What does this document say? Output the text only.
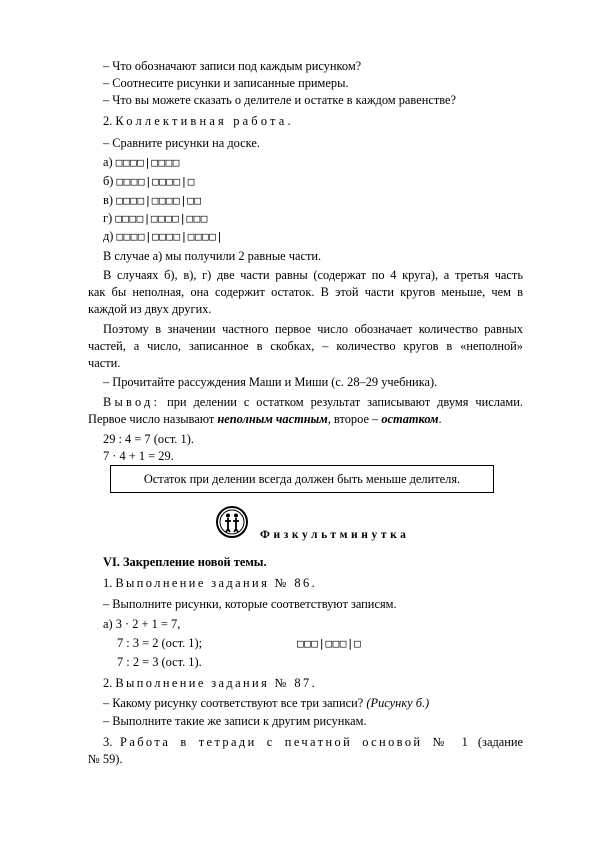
– Что обозначают записи под каждым рисунком?
– Соотнесите рисунки и записанные примеры.
– Что вы можете сказать о делителе и остатке в каждом равенстве?
2. Коллективная работа.
– Сравните рисунки на доске.
а) □□□□|□□□□
б) □□□□|□□□□|□
в) □□□□|□□□□|□□
г) □□□□|□□□□|□□□
д) □□□□|□□□□|□□□□|
В случае а) мы получили 2 равные части.
В случаях б), в), г) две части равны (содержат по 4 круга), а третья часть
как бы неполная, она содержит остаток. В этой части кругов меньше, чем в
каждой из двух других.
Поэтому в значении частного первое число обозначает количество равных
частей, а число, записанное в скобках, – количество кругов в «неполной»
части.
– Прочитайте рассуждения Маши и Миши (с. 28–29 учебника).
Вывод: при делении с остатком результат записывают двумя числами.
Первое число называют неполным частным, второе – остатком.
29 : 4 = 7 (ост. 1).
7 · 4 + 1 = 29.
Остаток при делении всегда должен быть меньше делителя.
Физкультминутка
VI. Закрепление новой темы.
1. Выполнение задания № 86.
– Выполните рисунки, которые соответствуют записям.
а) 3 · 2 + 1 = 7,
7 : 3 = 2 (ост. 1);	□□□|□□□|□
7 : 2 = 3 (ост. 1).
2. Выполнение задания № 87.
– Какому рисунку соответствуют все три записи? (Рисунку б.)
– Выполните такие же записи к другим рисункам.
3. Работа в тетради с печатной основой № 1 (задание
№ 59).
